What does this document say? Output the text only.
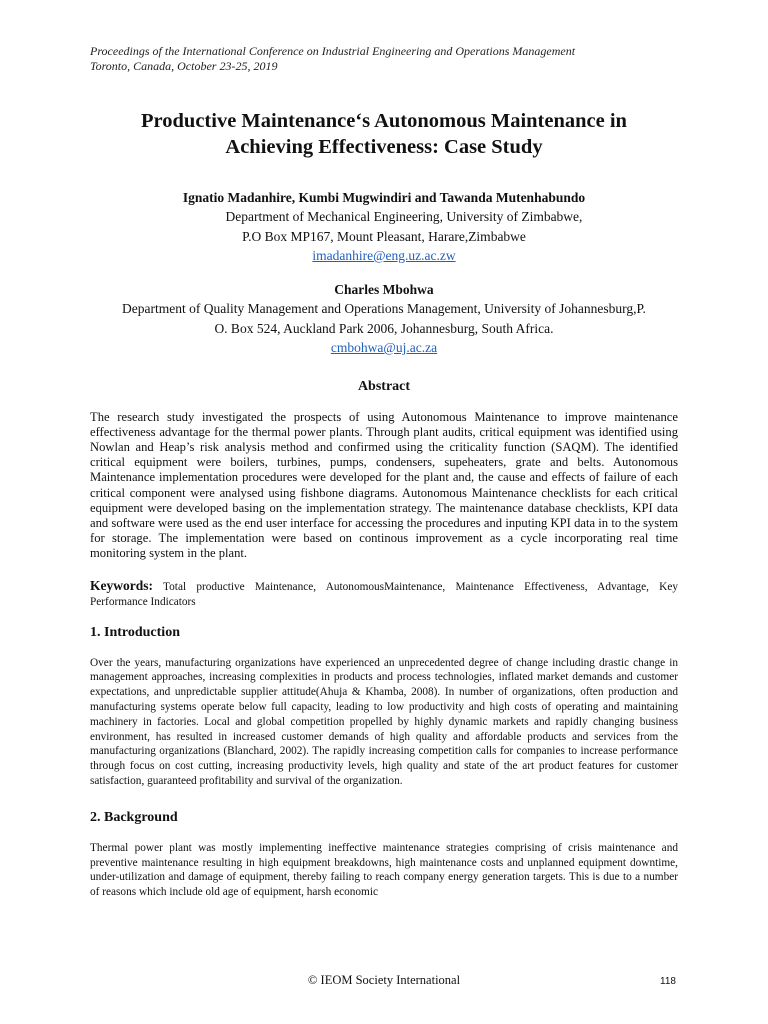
Proceedings of the International Conference on Industrial Engineering and Operations Management
Toronto, Canada, October 23-25, 2019
Productive Maintenance‘s Autonomous Maintenance in
Achieving Effectiveness: Case Study
Ignatio Madanhire, Kumbi Mugwindiri and Tawanda Mutenhabundo
Department of Mechanical Engineering, University of Zimbabwe,
P.O Box MP167, Mount Pleasant, Harare,Zimbabwe
imadanhire@eng.uz.ac.zw
Charles Mbohwa
Department of Quality Management and Operations Management, University of Johannesburg,P.
O. Box 524, Auckland Park 2006, Johannesburg, South Africa.
cmbohwa@uj.ac.za
Abstract
The research study investigated the prospects of using Autonomous Maintenance to improve maintenance effectiveness advantage for the thermal power plants. Through plant audits, critical equipment was identified using Nowlan and Heap’s risk analysis method and confirmed using the criticality function (SAQM). The identified critical equipment were boilers, turbines, pumps, condensers, supeheaters, grate and belts. Autonomous Maintenance implementation procedures were developed for the plant and, the cause and effects of failure of each critical component were analysed using fishbone diagrams. Autonomous Maintenance checklists for each critical equipment were developed basing on the implementation strategy. The maintenance database checklists, KPI data and software were used as the end user interface for accessing the procedures and inputing KPI data in to the system for storage. The implementation were based on continous improvement as a cycle incorporating real time monitoring system in the plant.
Keywords: Total productive Maintenance, AutonomousMaintenance, Maintenance Effectiveness, Advantage, Key Performance Indicators
1. Introduction
Over the years, manufacturing organizations have experienced an unprecedented degree of change including drastic change in management approaches, increasing complexities in products and process technologies, inflated market demands and customer expectations, and unpredictable supplier attitude(Ahuja & Khamba, 2008). In number of organizations, often production and manufacturing systems operate below full capacity, leading to low productivity and high costs of operating and maintaining machinery in factories. Local and global competition propelled by highly dynamic markets and rapidly changing business environment, has resulted in increased customer demands of high quality and affordable products and services from the manufacturing organizations (Blanchard, 2002). The rapidly increasing competition calls for companies to increase performance through focus on cost cutting, increasing productivity levels, high quality and state of the art product features for customer satisfaction, guaranteed profitability and survival of the organization.
2. Background
Thermal power plant was mostly implementing ineffective maintenance strategies comprising of crisis maintenance and preventive maintenance resulting in high equipment breakdowns, high maintenance costs and unplanned equipment downtime, under-utilization and damage of equipment, thereby failing to reach company energy generation targets. This is due to a number of reasons which include old age of equipment, harsh economic
© IEOM Society International	118
